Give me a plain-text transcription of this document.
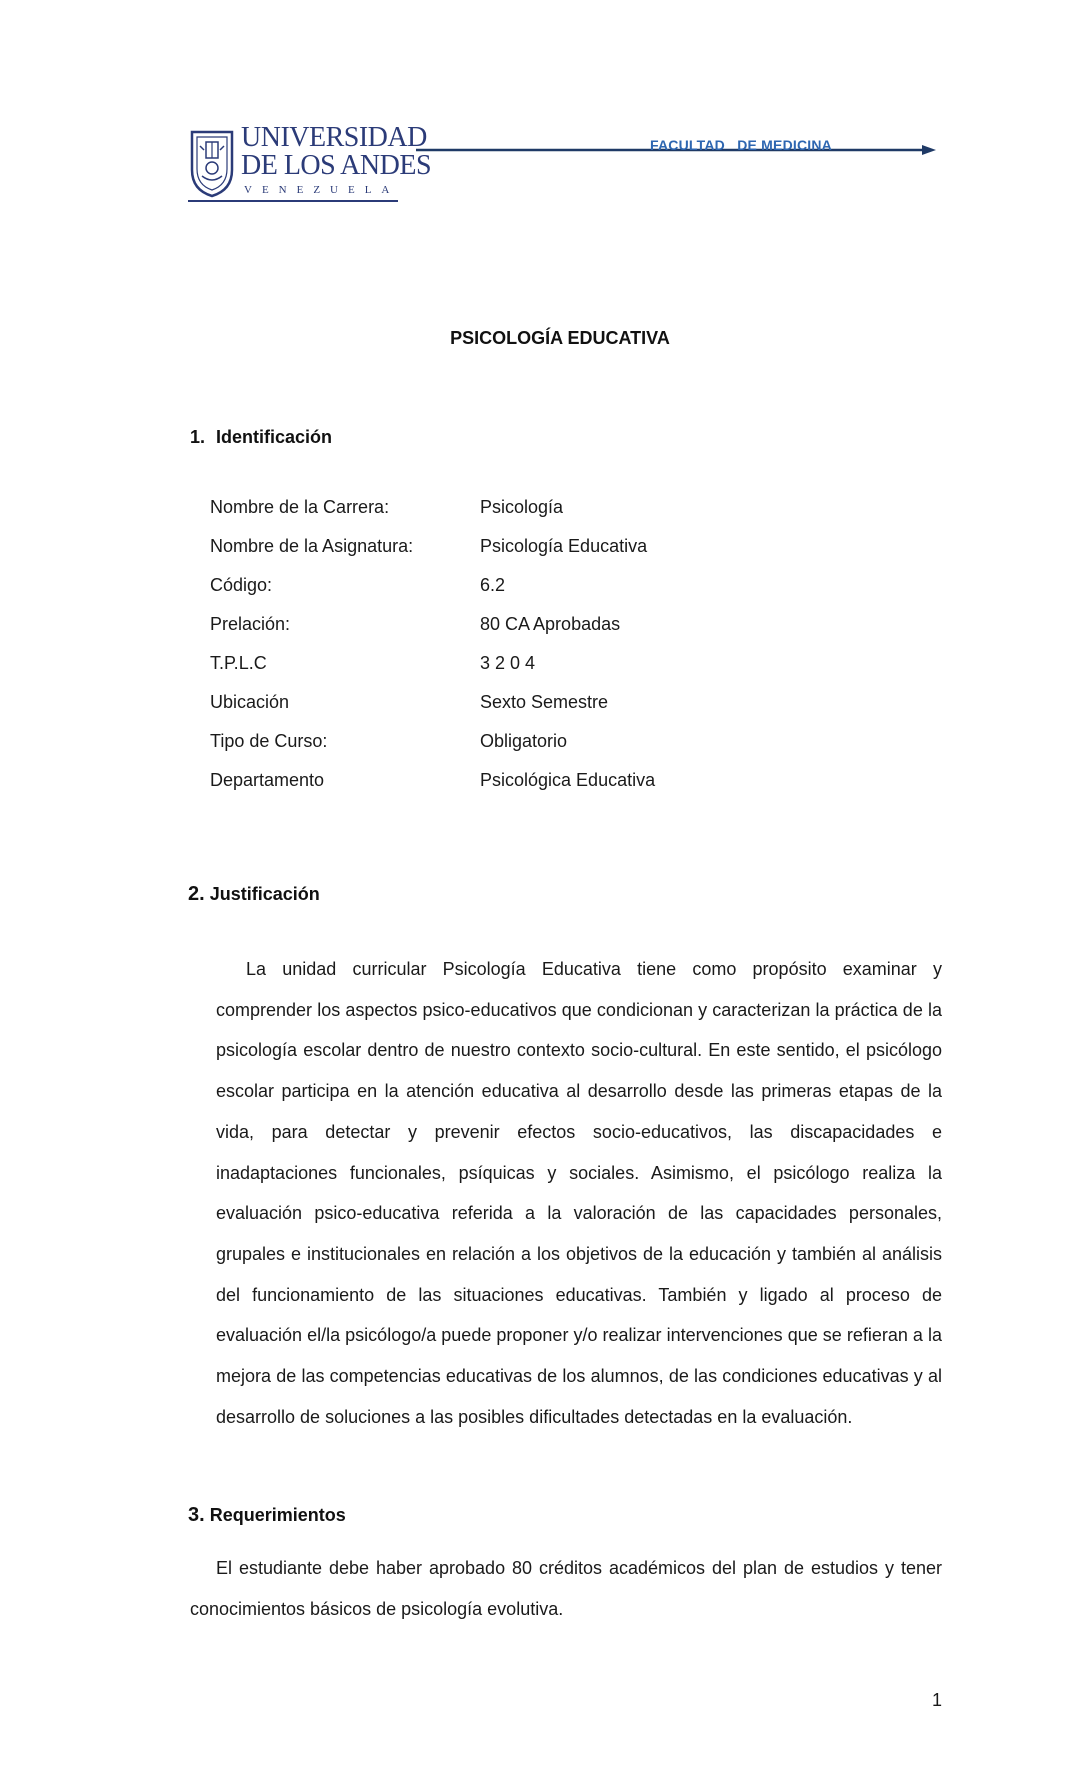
UNIVERSIDAD
DE LOS ANDES
VENEZUELA
FACULTAD   DE MEDICINA
PSICOLOGÍA EDUCATIVA
1. Identificación
Nombre de la Carrera:	Psicología
Nombre de la Asignatura:	Psicología Educativa
Código:	6.2
Prelación:	80 CA Aprobadas
T.P.L.C	3 2 0 4
Ubicación	Sexto Semestre
Tipo de Curso:	Obligatorio
Departamento	Psicológica Educativa
2. Justificación
La unidad curricular Psicología Educativa tiene como propósito examinar y comprender los aspectos psico-educativos que condicionan y caracterizan la práctica de la psicología escolar dentro de nuestro contexto socio-cultural. En este sentido, el psicólogo escolar participa en la atención educativa al desarrollo desde las primeras etapas de la vida, para detectar y prevenir efectos socio-educativos, las discapacidades e inadaptaciones funcionales, psíquicas y sociales. Asimismo, el psicólogo realiza la evaluación psico-educativa referida a la valoración de las capacidades personales, grupales e institucionales en relación a los objetivos de la educación y también al análisis del funcionamiento de las situaciones educativas. También y ligado al proceso de evaluación el/la psicólogo/a puede proponer y/o realizar intervenciones que se refieran a la mejora de las competencias educativas de los alumnos, de las condiciones educativas y al desarrollo de soluciones a las posibles dificultades detectadas en la evaluación.
3. Requerimientos
El estudiante debe haber aprobado 80 créditos académicos del plan de estudios y tener conocimientos básicos de psicología evolutiva.
1
